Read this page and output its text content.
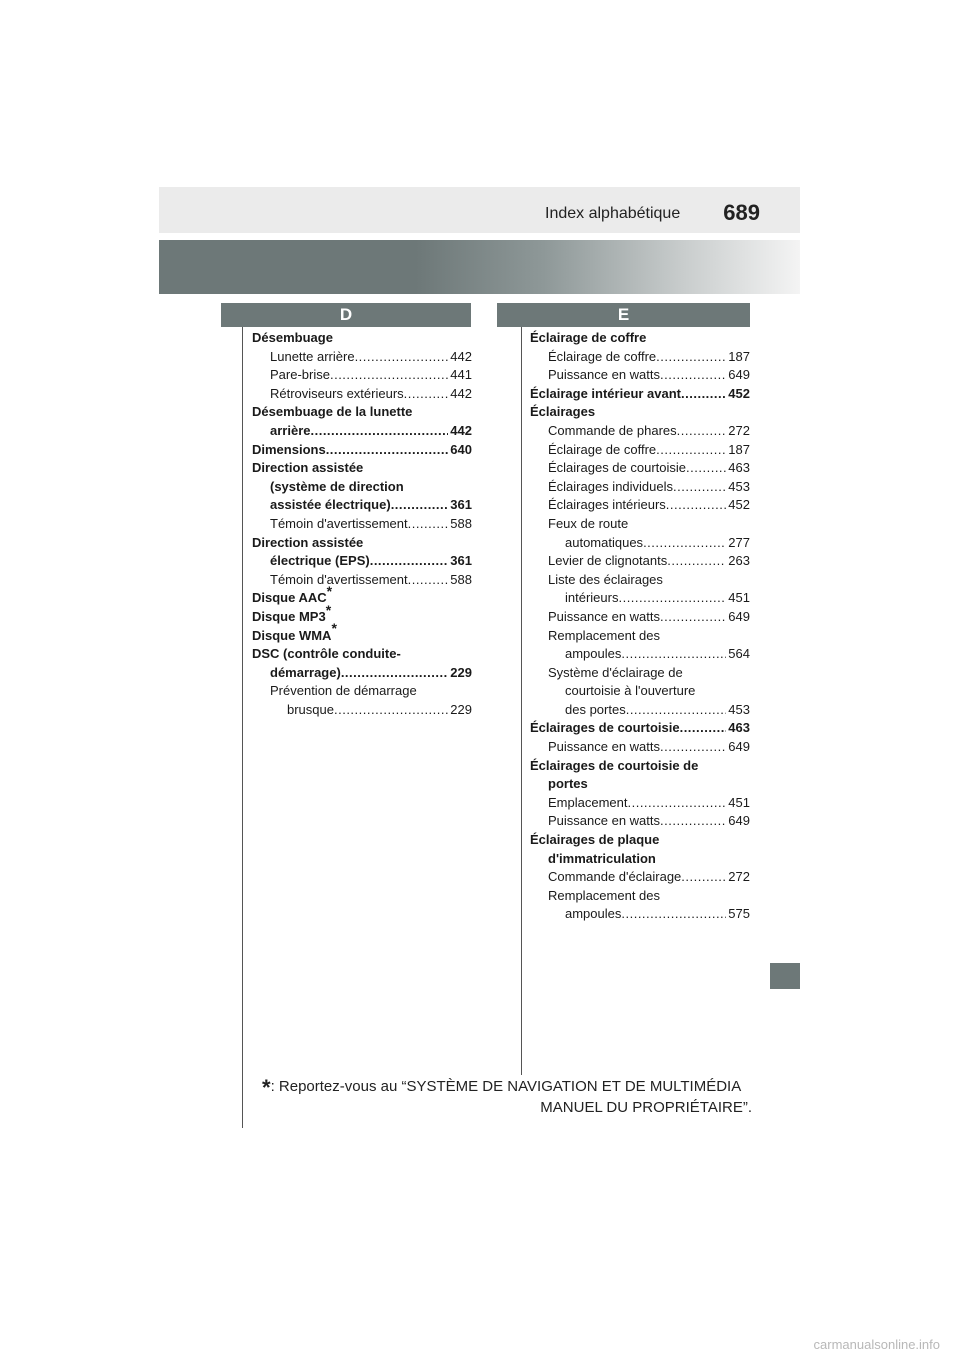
Index alphabétique 689
D	E
Désembuage
Lunette arrière .....	442
Pare-brise .....	441
Rétroviseurs extérieurs .....	442
Désembuage de la lunette
arrière .....	442
Dimensions .....	640
Direction assistée
(système de direction
assistée électrique) .....	361
Témoin d'avertissement .....	588
Direction assistée
électrique (EPS) .....	361
Témoin d'avertissement .....	588
Disque AAC*
Disque MP3*
Disque WMA*
DSC (contrôle conduite-
démarrage) .....	229
Prévention de démarrage
brusque .....	229
Éclairage de coffre
Éclairage de coffre .....	187
Puissance en watts .....	649
Éclairage intérieur avant .....	452
Éclairages
Commande de phares .....	272
Éclairage de coffre .....	187
Éclairages de courtoisie .....	463
Éclairages individuels .....	453
Éclairages intérieurs .....	452
Feux de route
automatiques .....	277
Levier de clignotants .....	263
Liste des éclairages
intérieurs .....	451
Puissance en watts .....	649
Remplacement des
ampoules .....	564
Système d'éclairage de
courtoisie à l'ouverture
des portes .....	453
Éclairages de courtoisie .....	463
Puissance en watts .....	649
Éclairages de courtoisie de
portes
Emplacement .....	451
Puissance en watts .....	649
Éclairages de plaque
d'immatriculation
Commande d'éclairage .....	272
Remplacement des
ampoules .....	575
*: Reportez-vous au “SYSTÈME DE NAVIGATION ET DE MULTIMÉDIA
MANUEL DU PROPRIÉTAIRE”.
carmanualsonline.info
